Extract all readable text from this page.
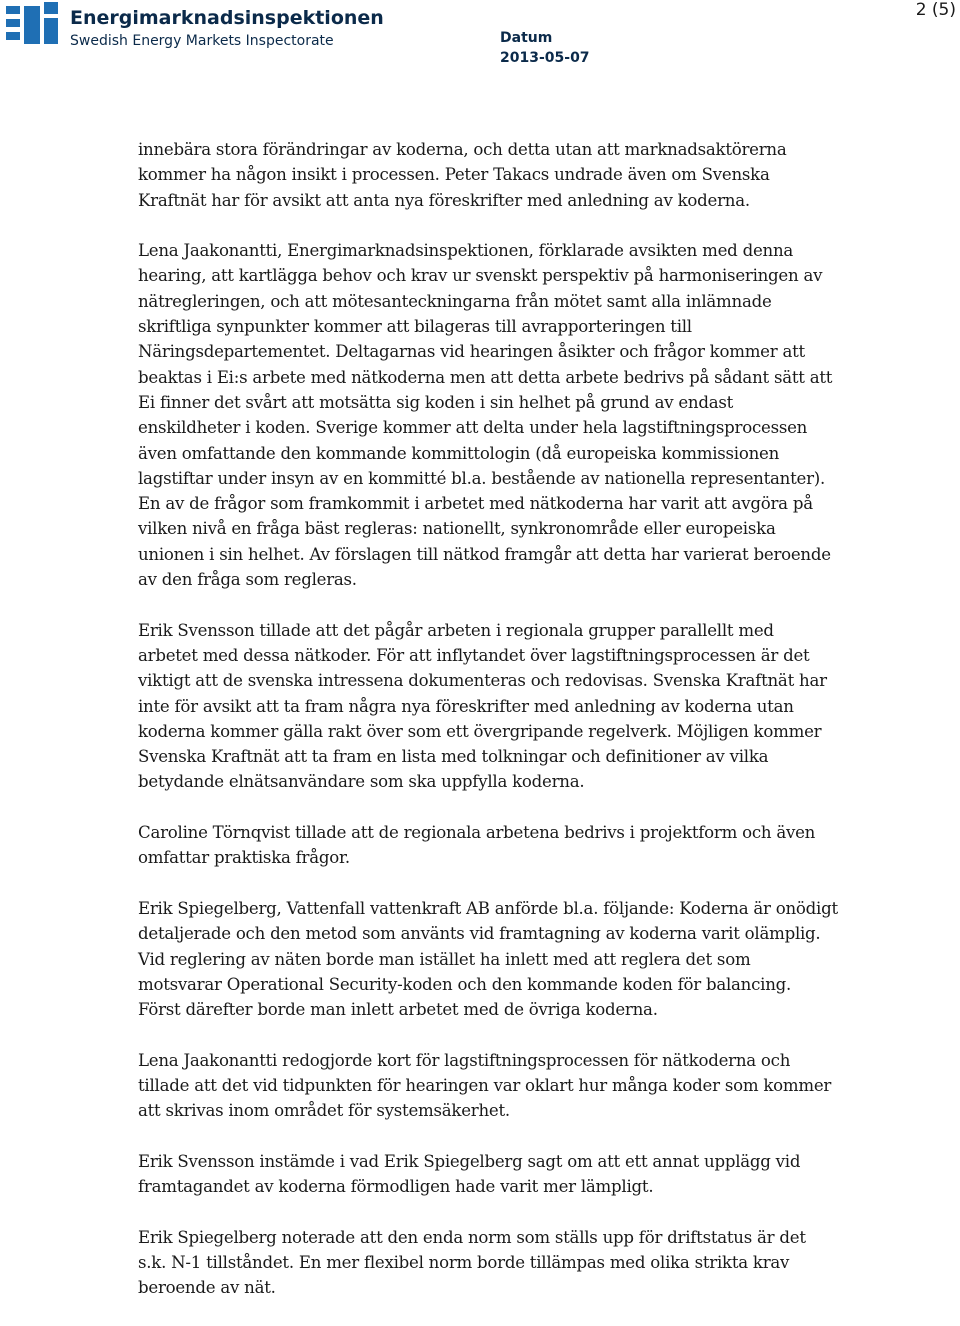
Energimarknadsinspektionen
Swedish Energy Markets Inspectorate	Datum
2013-05-07
2 (5)

innebära stora förändringar av koderna, och detta utan att marknadsaktörerna kommer ha någon insikt i processen. Peter Takacs undrade även om Svenska Kraftnät har för avsikt att anta nya föreskrifter med anledning av koderna.

Lena Jaakonantti, Energimarknadsinspektionen, förklarade avsikten med denna hearing, att kartlägga behov och krav ur svenskt perspektiv på harmoniseringen av nätregleringen, och att mötesanteckningarna från mötet samt alla inlämnade skriftliga synpunkter kommer att bilageras till avrapporteringen till Näringsdepartementet. Deltagarnas vid hearingen åsikter och frågor kommer att beaktas i Ei:s arbete med nätkoderna men att detta arbete bedrivs på sådant sätt att Ei finner det svårt att motsätta sig koden i sin helhet på grund av endast enskildheter i koden. Sverige kommer att delta under hela lagstiftningsprocessen även omfattande den kommande kommittologin (då europeiska kommissionen lagstiftar under insyn av en kommitté bl.a. bestående av nationella representanter). En av de frågor som framkommit i arbetet med nätkoderna har varit att avgöra på vilken nivå en fråga bäst regleras: nationellt, synkronområde eller europeiska unionen i sin helhet. Av förslagen till nätkod framgår att detta har varierat beroende av den fråga som regleras.

Erik Svensson tillade att det pågår arbeten i regionala grupper parallellt med arbetet med dessa nätkoder. För att inflytandet över lagstiftningsprocessen är det viktigt att de svenska intressena dokumenteras och redovisas. Svenska Kraftnät har inte för avsikt att ta fram några nya föreskrifter med anledning av koderna utan koderna kommer gälla rakt över som ett övergripande regelverk. Möjligen kommer Svenska Kraftnät att ta fram en lista med tolkningar och definitioner av vilka betydande elnätsanvändare som ska uppfylla koderna.

Caroline Törnqvist tillade att de regionala arbetena bedrivs i projektform och även omfattar praktiska frågor.

Erik Spiegelberg, Vattenfall vattenkraft AB anförde bl.a. följande: Koderna är onödigt detaljerade och den metod som använts vid framtagning av koderna varit olämplig. Vid reglering av näten borde man istället ha inlett med att reglera det som motsvarar Operational Security-koden och den kommande koden för balancing. Först därefter borde man inlett arbetet med de övriga koderna.

Lena Jaakonantti redogjorde kort för lagstiftningsprocessen för nätkoderna och tillade att det vid tidpunkten för hearingen var oklart hur många koder som kommer att skrivas inom området för systemsäkerhet.

Erik Svensson instämde i vad Erik Spiegelberg sagt om att ett annat upplägg vid framtagandet av koderna förmodligen hade varit mer lämpligt.

Erik Spiegelberg noterade att den enda norm som ställs upp för driftstatus är det s.k. N-1 tillståndet. En mer flexibel norm borde tillämpas med olika strikta krav beroende av nät.
